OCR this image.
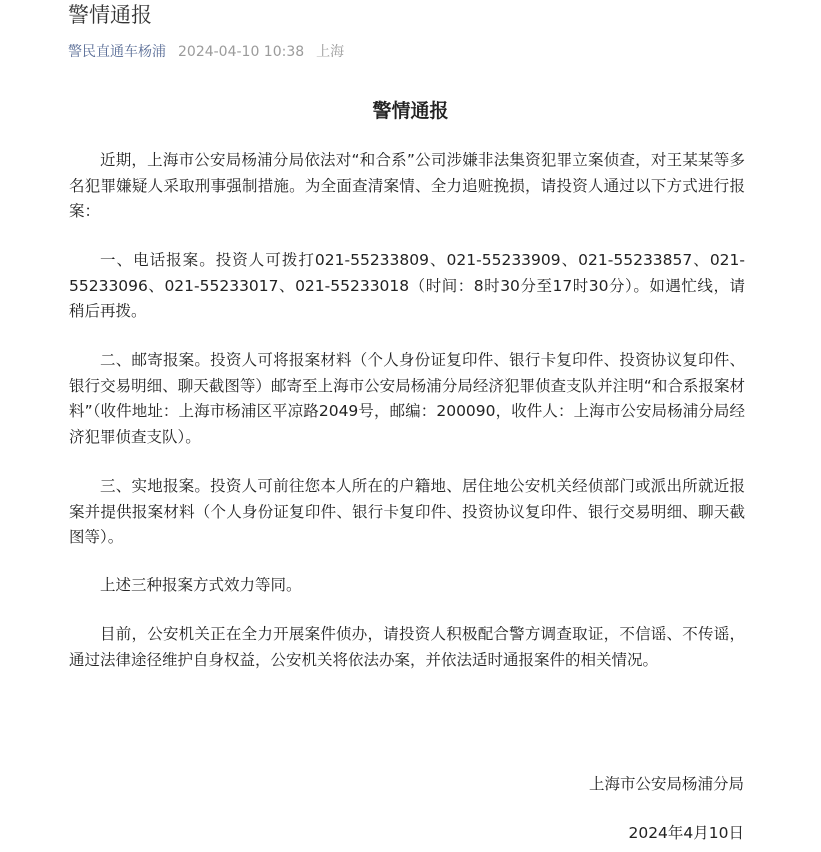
警情通报
警民直通车杨浦 2024-04-10 10:38 上海
警情通报

近期，上海市公安局杨浦分局依法对“和合系”公司涉嫌非法集资犯罪立案侦查，对王某某等多名犯罪嫌疑人采取刑事强制措施。为全面查清案情、全力追赃挽损，请投资人通过以下方式进行报案：

一、电话报案。投资人可拨打021-55233809、021-55233909、021-55233857、021-55233096、021-55233017、021-55233018（时间：8时30分至17时30分）。如遇忙线，请稍后再拨。

二、邮寄报案。投资人可将报案材料（个人身份证复印件、银行卡复印件、投资协议复印件、银行交易明细、聊天截图等）邮寄至上海市公安局杨浦分局经济犯罪侦查支队并注明“和合系报案材料”（收件地址：上海市杨浦区平凉路2049号，邮编：200090，收件人：上海市公安局杨浦分局经济犯罪侦查支队）。

三、实地报案。投资人可前往您本人所在的户籍地、居住地公安机关经侦部门或派出所就近报案并提供报案材料（个人身份证复印件、银行卡复印件、投资协议复印件、银行交易明细、聊天截图等）。

上述三种报案方式效力等同。

目前，公安机关正在全力开展案件侦办，请投资人积极配合警方调查取证，不信谣、不传谣，通过法律途径维护自身权益，公安机关将依法办案，并依法适时通报案件的相关情况。

上海市公安局杨浦分局
2024年4月10日
